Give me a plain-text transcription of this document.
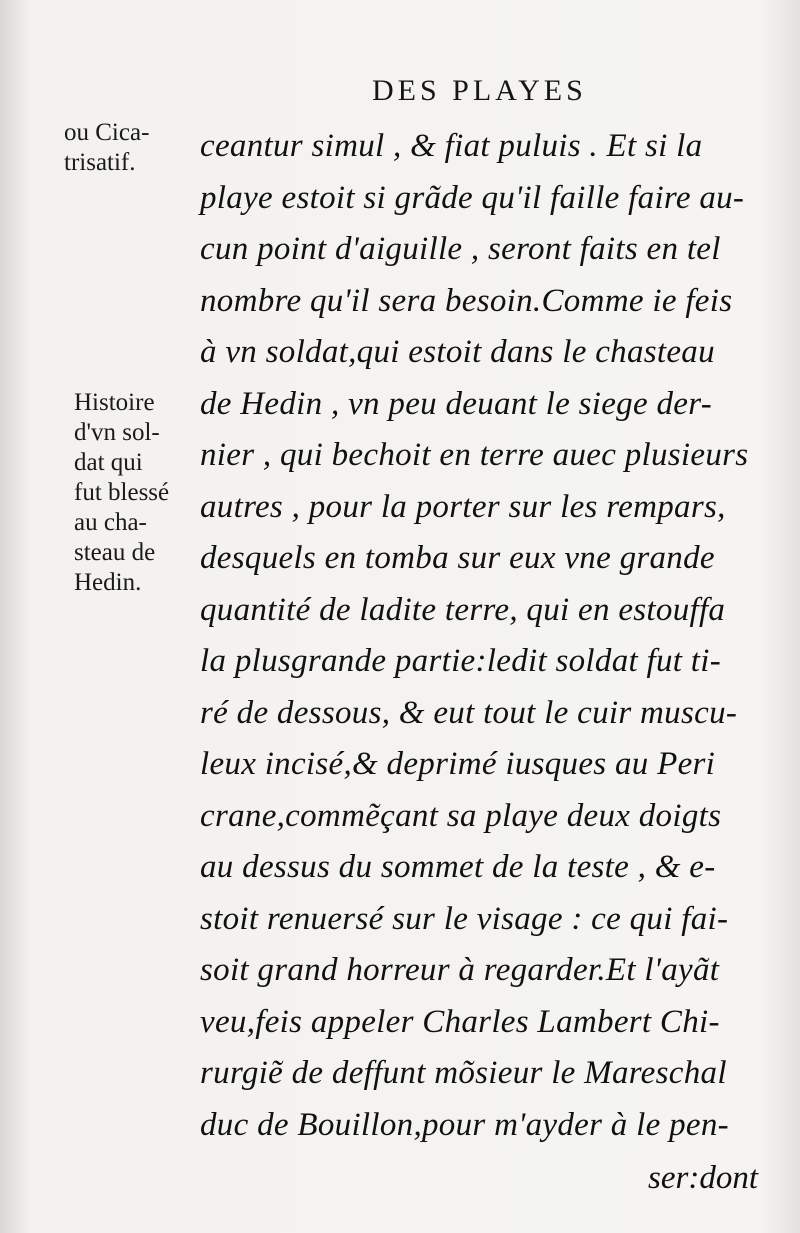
DES PLAYES
ou Cica-
trisatif.
Histoire
d'vn sol-
dat qui
fut blessé
au cha-
steau de
Hedin.
ceantur simul , & fiat puluis . Et si la
playe estoit si grãde qu'il faille faire au-
cun point d'aiguille , seront faits en tel
nombre qu'il sera besoin.Comme ie feis
à vn soldat,qui estoit dans le chasteau
de Hedin , vn peu deuant le siege der-
nier , qui bechoit en terre auec plusieurs
autres , pour la porter sur les rempars,
desquels en tomba sur eux vne grande
quantité de ladite terre, qui en estouffa
la plusgrande partie:ledit soldat fut ti-
ré de dessous, & eut tout le cuir muscu-
leux incisé,& deprimé iusques au Peri
crane,commẽçant sa playe deux doigts
au dessus du sommet de la teste , & e-
stoit renuersé sur le visage : ce qui fai-
soit grand horreur à regarder.Et l'ayãt
veu,feis appeler Charles Lambert Chi-
rurgiẽ de deffunt mõsieur le Mareschal
duc de Bouillon,pour m'ayder à le pen-
ser:dont
